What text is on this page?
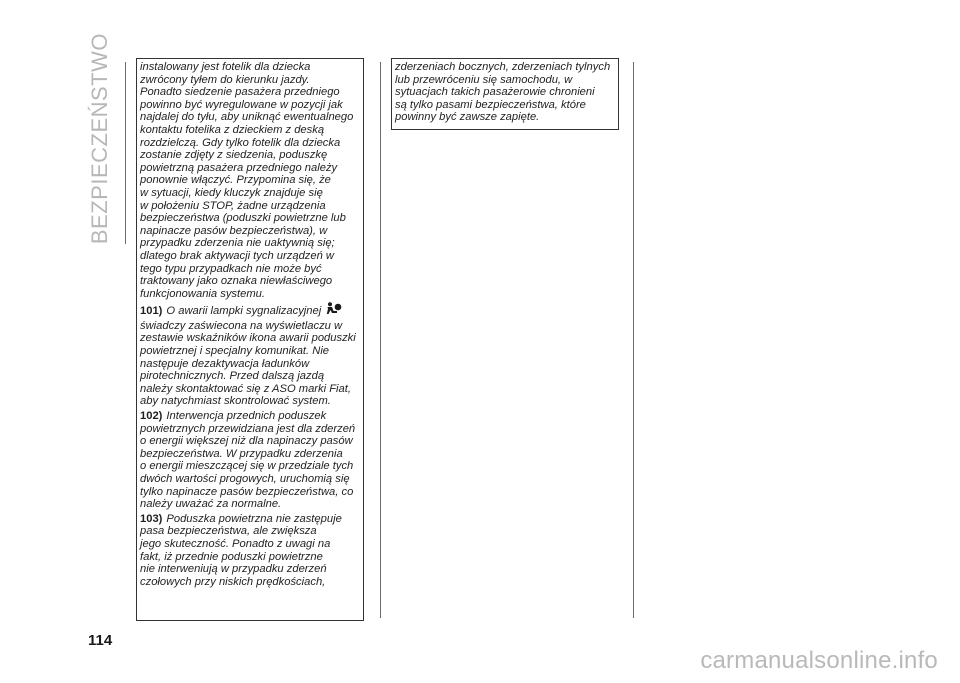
BEZPIECZEŃSTWO	instalowany jest fotelik dla dziecka

zwrócony tyłem do kierunku jazdy.

Ponadto siedzenie pasażera przedniego

powinno być wyregulowane w pozycji jak

najdalej do tyłu, aby uniknąć ewentualnego

kontaktu fotelika z dzieckiem z deską

rozdzielczą. Gdy tylko fotelik dla dziecka

zostanie zdjęty z siedzenia, poduszkę

powietrzną pasażera przedniego należy

ponownie włączyć. Przypomina się, że

w sytuacji, kiedy kluczyk znajduje się

w położeniu STOP, żadne urządzenia

bezpieczeństwa (poduszki powietrzne lub

napinacze pasów bezpieczeństwa), w

przypadku zderzenia nie uaktywnią się;

dlatego brak aktywacji tych urządzeń w

tego typu przypadkach nie może być

traktowany jako oznaka niewłaściwego

funkcjonowania systemu.

101) O awarii lampki sygnalizacyjnej

świadczy zaświecona na wyświetlaczu w

zestawie wskaźników ikona awarii poduszki

powietrznej i specjalny komunikat. Nie

następuje dezaktywacja ładunków

pirotechnicznych. Przed dalszą jazdą

należy skontaktować się z ASO marki Fiat,

aby natychmiast skontrolować system.

102) Interwencja przednich poduszek

powietrznych przewidziana jest dla zderzeń

o energii większej niż dla napinaczy pasów

bezpieczeństwa. W przypadku zderzenia

o energii mieszczącej się w przedziale tych

dwóch wartości progowych, uruchomią się

tylko napinacze pasów bezpieczeństwa, co

należy uważać za normalne.

103) Poduszka powietrzna nie zastępuje

pasa bezpieczeństwa, ale zwiększa

jego skuteczność. Ponadto z uwagi na

fakt, iż przednie poduszki powietrzne

nie interweniują w przypadku zderzeń

czołowych przy niskich prędkościach,

zderzeniach bocznych, zderzeniach tylnych

lub przewróceniu się samochodu, w

sytuacjach takich pasażerowie chronieni

są tylko pasami bezpieczeństwa, które

powinny być zawsze zapięte.

114
carmanualsonline.info
